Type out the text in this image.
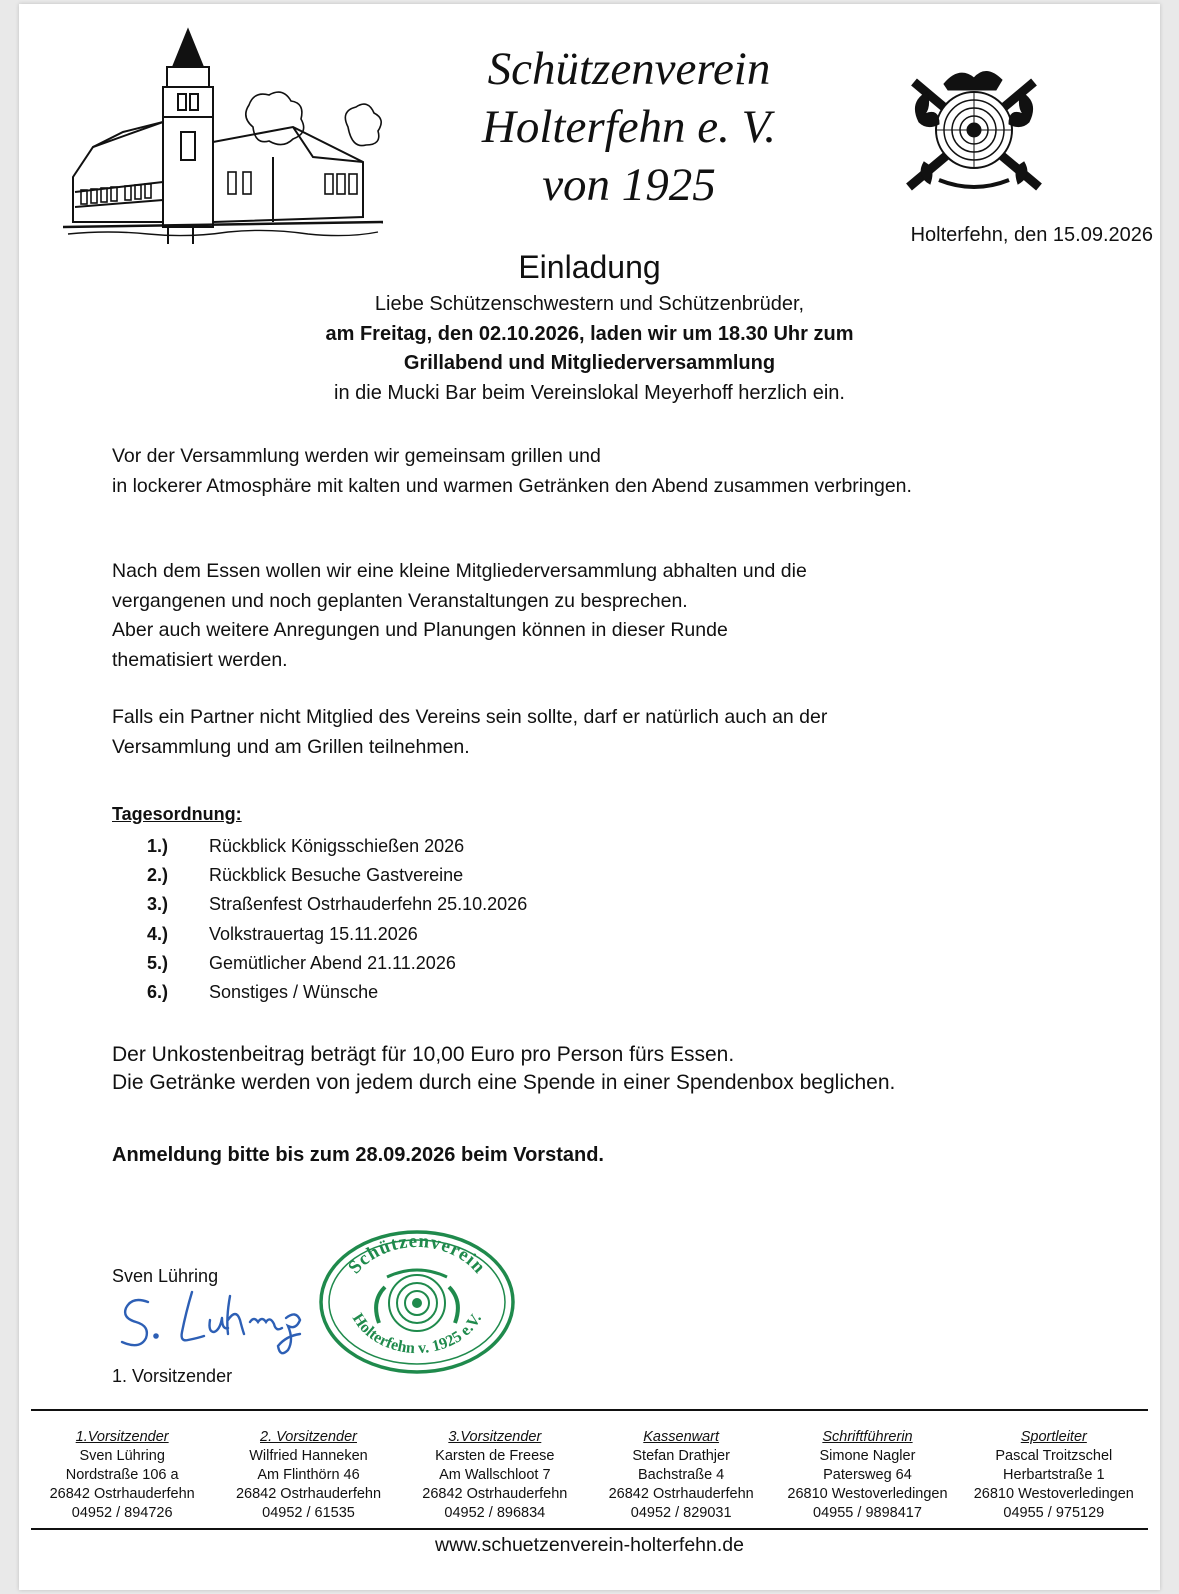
Schützenverein
Holterfehn e. V.
von 1925
Holterfehn, den 15.09.2026
Einladung
Liebe Schützenschwestern und Schützenbrüder,
am Freitag, den 02.10.2026, laden wir um 18.30 Uhr zum
Grillabend und Mitgliederversammlung
in die Mucki Bar beim Vereinslokal Meyerhoff herzlich ein.
Vor der Versammlung werden wir gemeinsam grillen und
in lockerer Atmosphäre mit kalten und warmen Getränken den Abend zusammen verbringen.
Nach dem Essen wollen wir eine kleine Mitgliederversammlung abhalten und die
vergangenen und noch geplanten Veranstaltungen zu besprechen.
Aber auch weitere Anregungen und Planungen können in dieser Runde
thematisiert werden.
Falls ein Partner nicht Mitglied des Vereins sein sollte, darf er natürlich auch an der
Versammlung und am Grillen teilnehmen.
Tagesordnung:
1.)	Rückblick Königsschießen 2026
2.)	Rückblick Besuche Gastvereine
3.)	Straßenfest Ostrhauderfehn 25.10.2026
4.)	Volkstrauertag 15.11.2026
5.)	Gemütlicher Abend 21.11.2026
6.)	Sonstiges / Wünsche
Der Unkostenbeitrag beträgt für 10,00 Euro pro Person fürs Essen.
Die Getränke werden von jedem durch eine Spende in einer Spendenbox beglichen.
Anmeldung bitte bis zum 28.09.2026 beim Vorstand.
Sven Lühring	Schützenverein
Holterfehn v. 1925 e.V.
1. Vorsitzender
1.Vorsitzender
Sven Lühring
Nordstraße 106 a
26842 Ostrhauderfehn
04952 / 894726
2. Vorsitzender
Wilfried Hanneken
Am Flinthörn 46
26842 Ostrhauderfehn
04952 / 61535
3.Vorsitzender
Karsten de Freese
Am Wallschloot 7
26842 Ostrhauderfehn
04952 / 896834
Kassenwart
Stefan Drathjer
Bachstraße 4
26842 Ostrhauderfehn
04952 / 829031
Schriftführerin
Simone Nagler
Patersweg 64
26810 Westoverledingen
04955 / 9898417
Sportleiter
Pascal Troitzschel
Herbartstraße 1
26810 Westoverledingen
04955 / 975129
www.schuetzenverein-holterfehn.de
